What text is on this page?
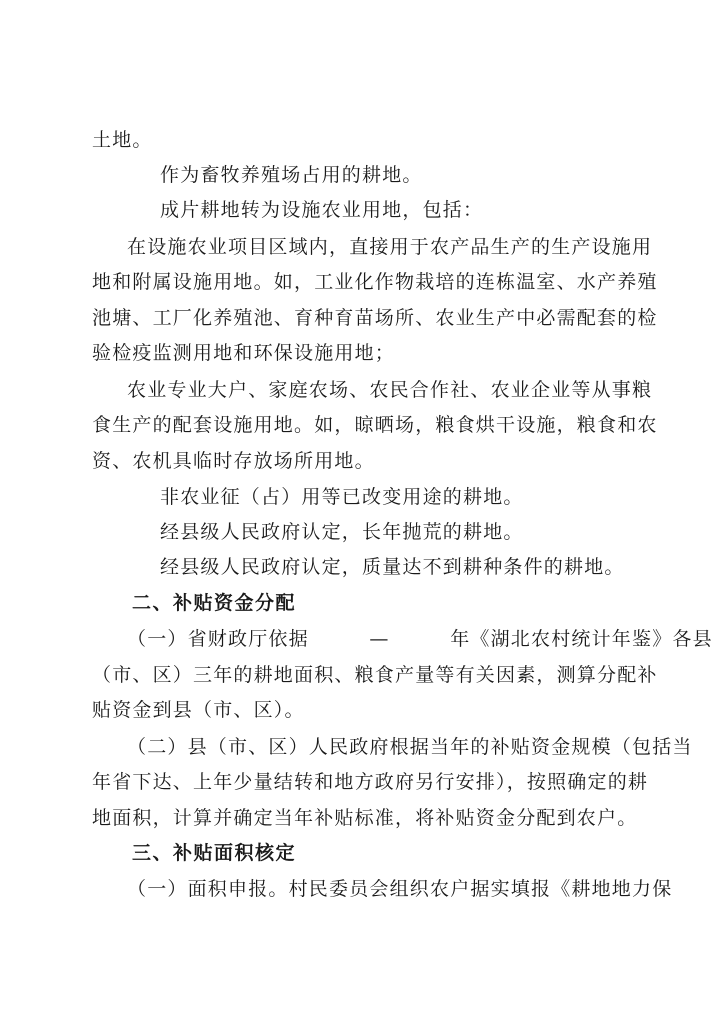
土地。
作为畜牧养殖场占用的耕地。
成片耕地转为设施农业用地，包括：
在设施农业项目区域内，直接用于农产品生产的生产设施用
地和附属设施用地。如，工业化作物栽培的连栋温室、水产养殖
池塘、工厂化养殖池、育种育苗场所、农业生产中必需配套的检
验检疫监测用地和环保设施用地；
农业专业大户、家庭农场、农民合作社、农业企业等从事粮
食生产的配套设施用地。如，晾晒场，粮食烘干设施，粮食和农
资、农机具临时存放场所用地。
非农业征（占）用等已改变用途的耕地。
经县级人民政府认定，长年抛荒的耕地。
经县级人民政府认定，质量达不到耕种条件的耕地。
二、补贴资金分配
（一）省财政厅依据　　　—　　　年《湖北农村统计年鉴》各县
（市、区）三年的耕地面积、粮食产量等有关因素，测算分配补
贴资金到县（市、区）。
（二）县（市、区）人民政府根据当年的补贴资金规模（包括当
年省下达、上年少量结转和地方政府另行安排），按照确定的耕
地面积，计算并确定当年补贴标准，将补贴资金分配到农户。
三、补贴面积核定
（一）面积申报。村民委员会组织农户据实填报《耕地地力保
